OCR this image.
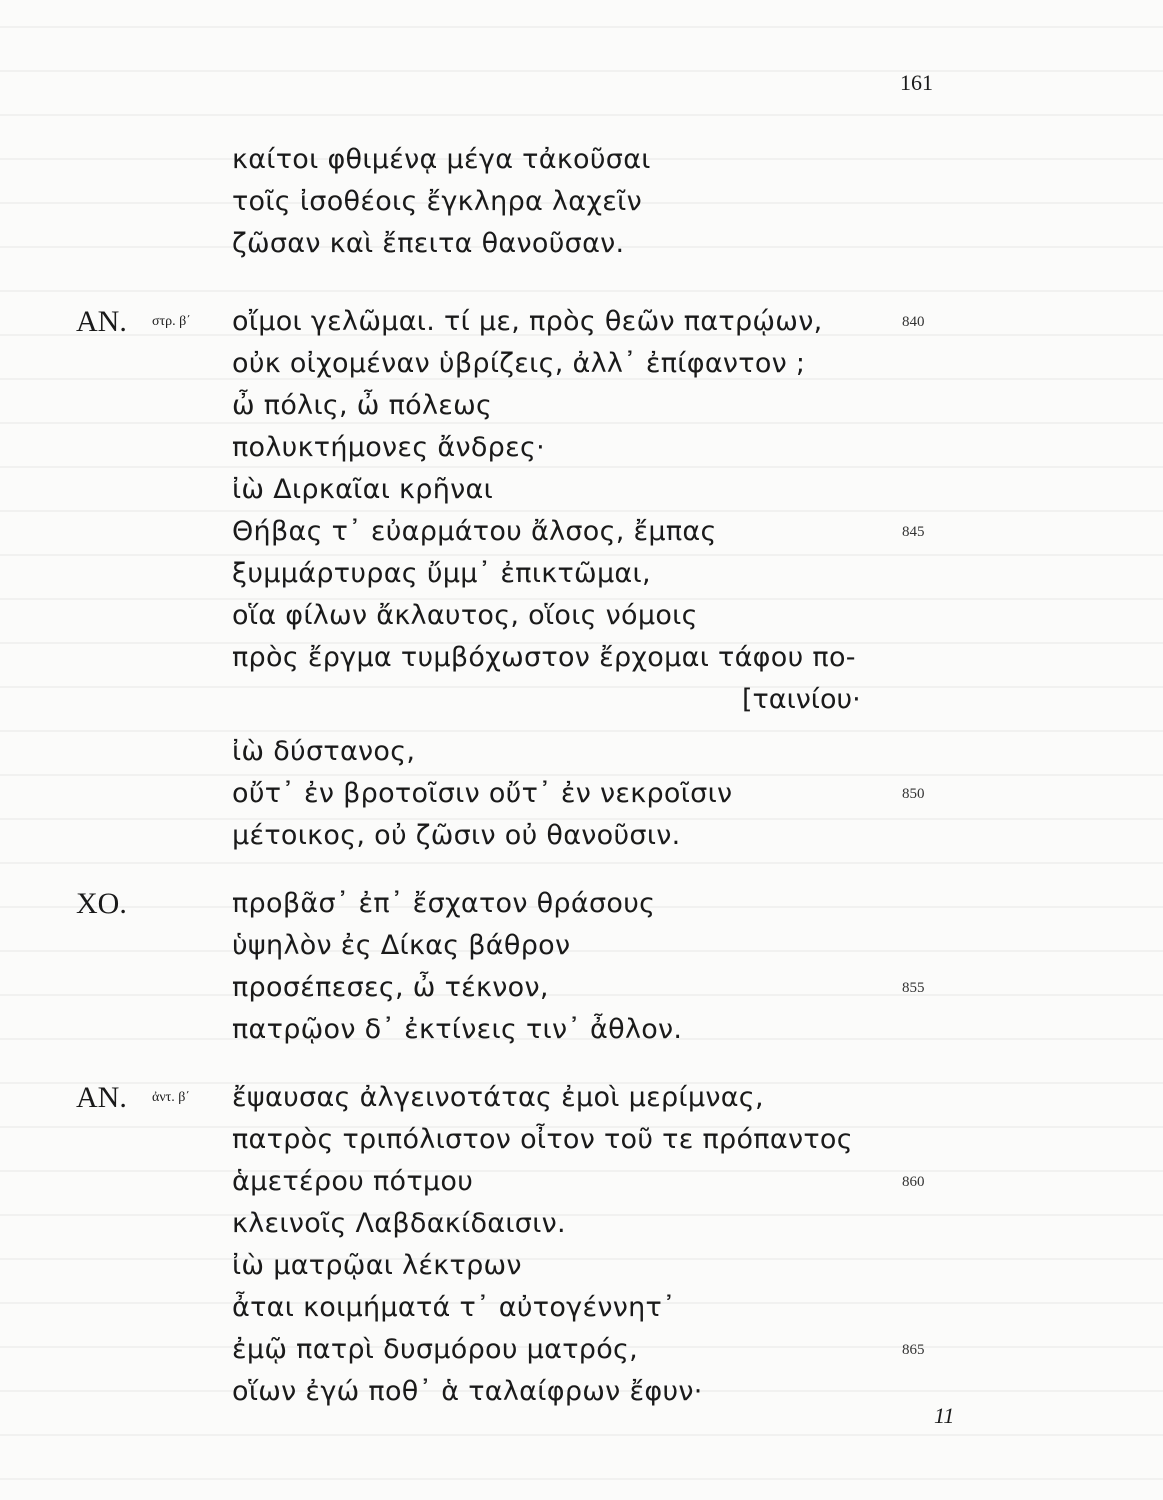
161
καίτοι φθιμένᾳ μέγα τἀκοῦσαι
τοῖς ἰσοθέοις ἔγκληρα λαχεῖν
ζῶσαν καὶ ἔπειτα θανοῦσαν.
ΑΝ. στρ. β΄ οἴμοι γελῶμαι. τί με, πρὸς θεῶν πατρῴων,	840
οὐκ οἰχομέναν ὑβρίζεις, ἀλλ᾽ ἐπίφαντον ;
ὦ πόλις, ὦ πόλεως
πολυκτήμονες ἄνδρες·
ἰὼ Διρκαῖαι κρῆναι
Θήβας τ᾽ εὐαρμάτου ἄλσος, ἔμπας	845
ξυμμάρτυρας ὔμμ᾽ ἐπικτῶμαι,
οἵα φίλων ἄκλαυτος, οἵοις νόμοις
πρὸς ἔργμα τυμβόχωστον ἔρχομαι τάφου πο-
[ταινίου·
ἰὼ δύστανος,
οὔτ᾽ ἐν βροτοῖσιν οὔτ᾽ ἐν νεκροῖσιν	850
μέτοικος, οὐ ζῶσιν οὐ θανοῦσιν.
ΧΟ.	προβᾶσ᾽ ἐπ᾽ ἔσχατον θράσους
ὑψηλὸν ἐς Δίκας βάθρον
προσέπεσες, ὦ τέκνον,	855
πατρῷον δ᾽ ἐκτίνεις τιν᾽ ἆθλον.
ΑΝ. ἀντ. β΄ ἔψαυσας ἀλγεινοτάτας ἐμοὶ μερίμνας,
πατρὸς τριπόλιστον οἶτον τοῦ τε πρόπαντος
ἁμετέρου πότμου	860
κλεινοῖς Λαβδακίδαισιν.
ἰὼ ματρῷαι λέκτρων
ἆται κοιμήματά τ᾽ αὐτογέννητ᾽
ἐμῷ πατρὶ δυσμόρου ματρός,	865
οἵων ἐγώ ποθ᾽ ἁ ταλαίφρων ἔφυν·
11
